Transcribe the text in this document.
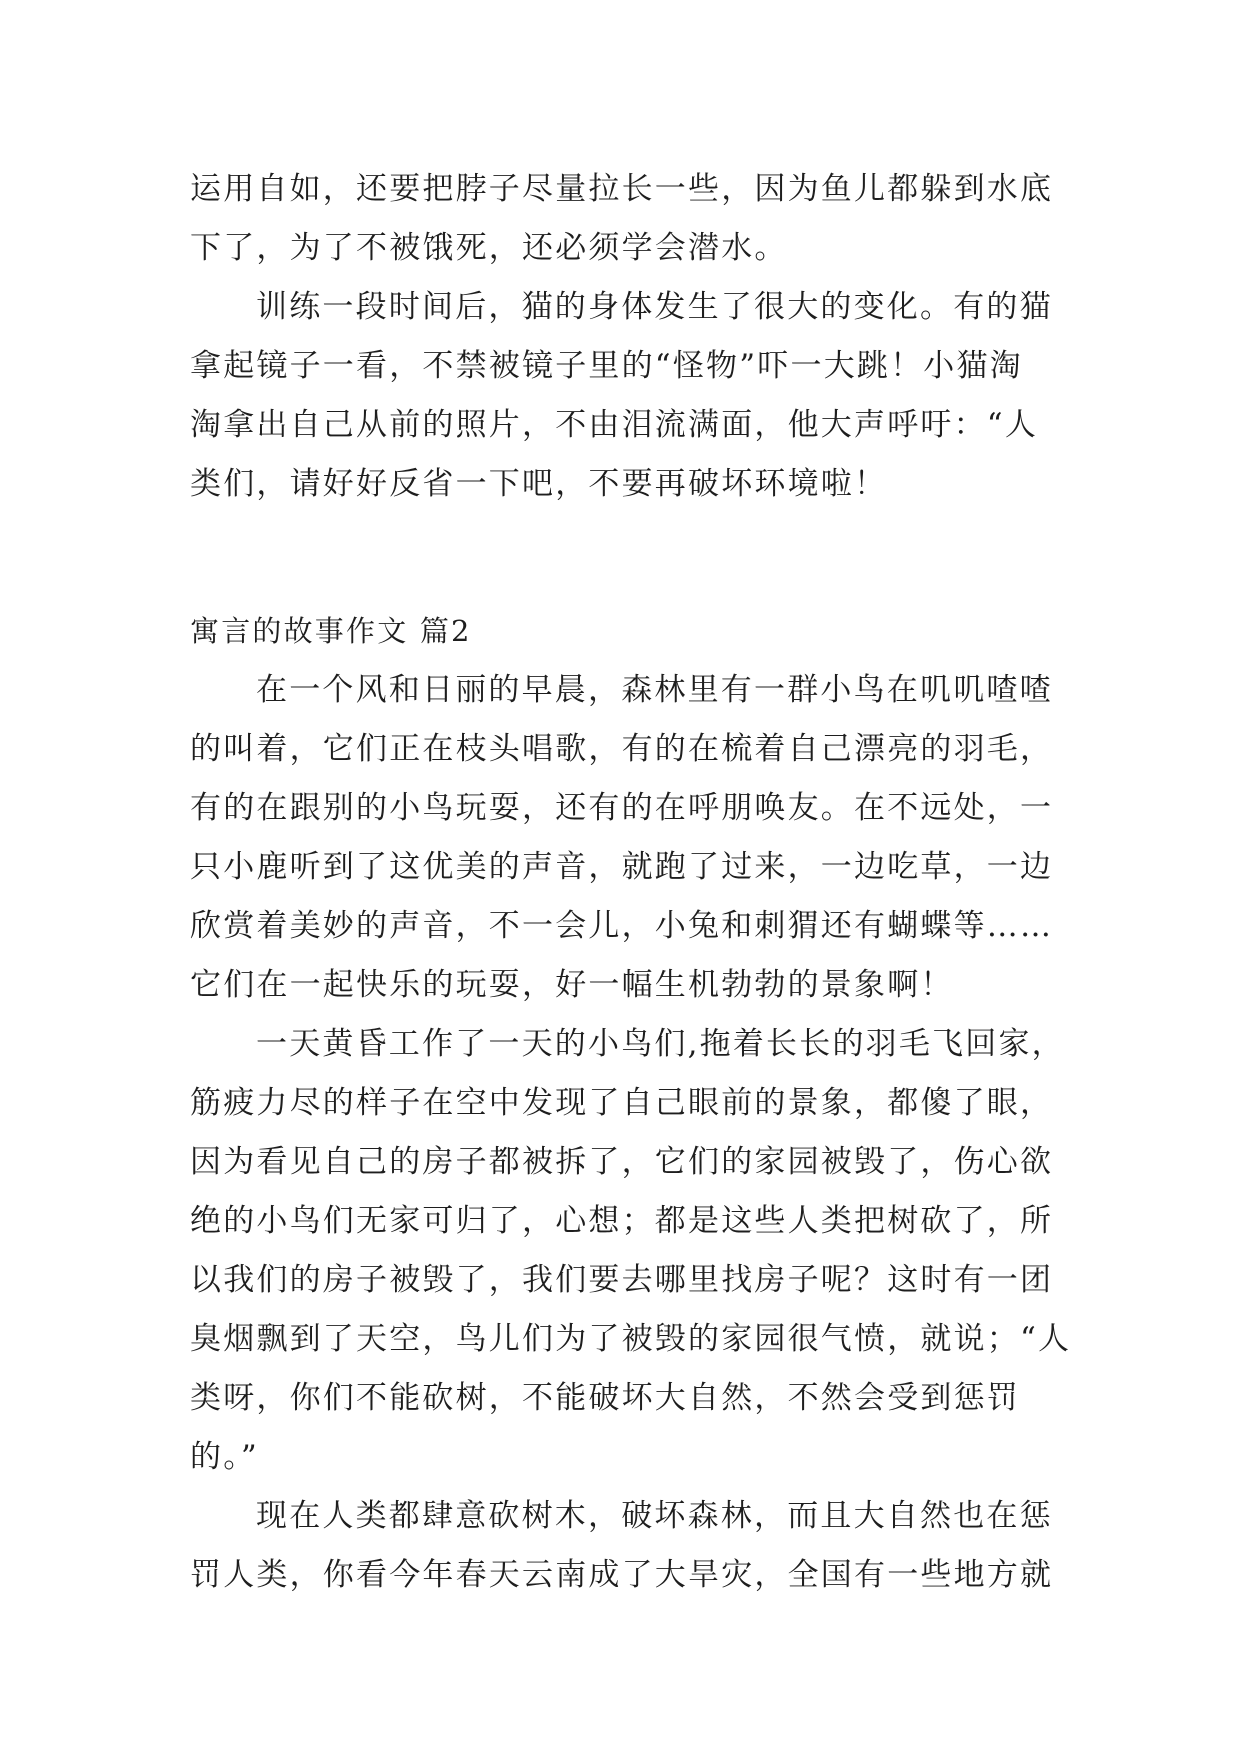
运用自如，还要把脖子尽量拉长一些，因为鱼儿都躲到水底
下了，为了不被饿死，还必须学会潜水。
训练一段时间后，猫的身体发生了很大的变化。有的猫
拿起镜子一看，不禁被镜子里的“怪物”吓一大跳！小猫淘
淘拿出自己从前的照片，不由泪流满面，他大声呼吁：“人
类们，请好好反省一下吧，不要再破坏环境啦！
寓言的故事作文 篇2
在一个风和日丽的早晨，森林里有一群小鸟在叽叽喳喳
的叫着，它们正在枝头唱歌，有的在梳着自己漂亮的羽毛，
有的在跟别的小鸟玩耍，还有的在呼朋唤友。在不远处，一
只小鹿听到了这优美的声音，就跑了过来，一边吃草，一边
欣赏着美妙的声音，不一会儿，小兔和刺猬还有蝴蝶等……
它们在一起快乐的玩耍，好一幅生机勃勃的景象啊！
一天黄昏工作了一天的小鸟们,拖着长长的羽毛飞回家，
筋疲力尽的样子在空中发现了自己眼前的景象，都傻了眼，
因为看见自己的房子都被拆了，它们的家园被毁了，伤心欲
绝的小鸟们无家可归了，心想；都是这些人类把树砍了，所
以我们的房子被毁了，我们要去哪里找房子呢？这时有一团
臭烟飘到了天空，鸟儿们为了被毁的家园很气愤，就说；“人
类呀，你们不能砍树，不能破坏大自然，不然会受到惩罚
的。”
现在人类都肆意砍树木，破坏森林，而且大自然也在惩
罚人类，你看今年春天云南成了大旱灾，全国有一些地方就
